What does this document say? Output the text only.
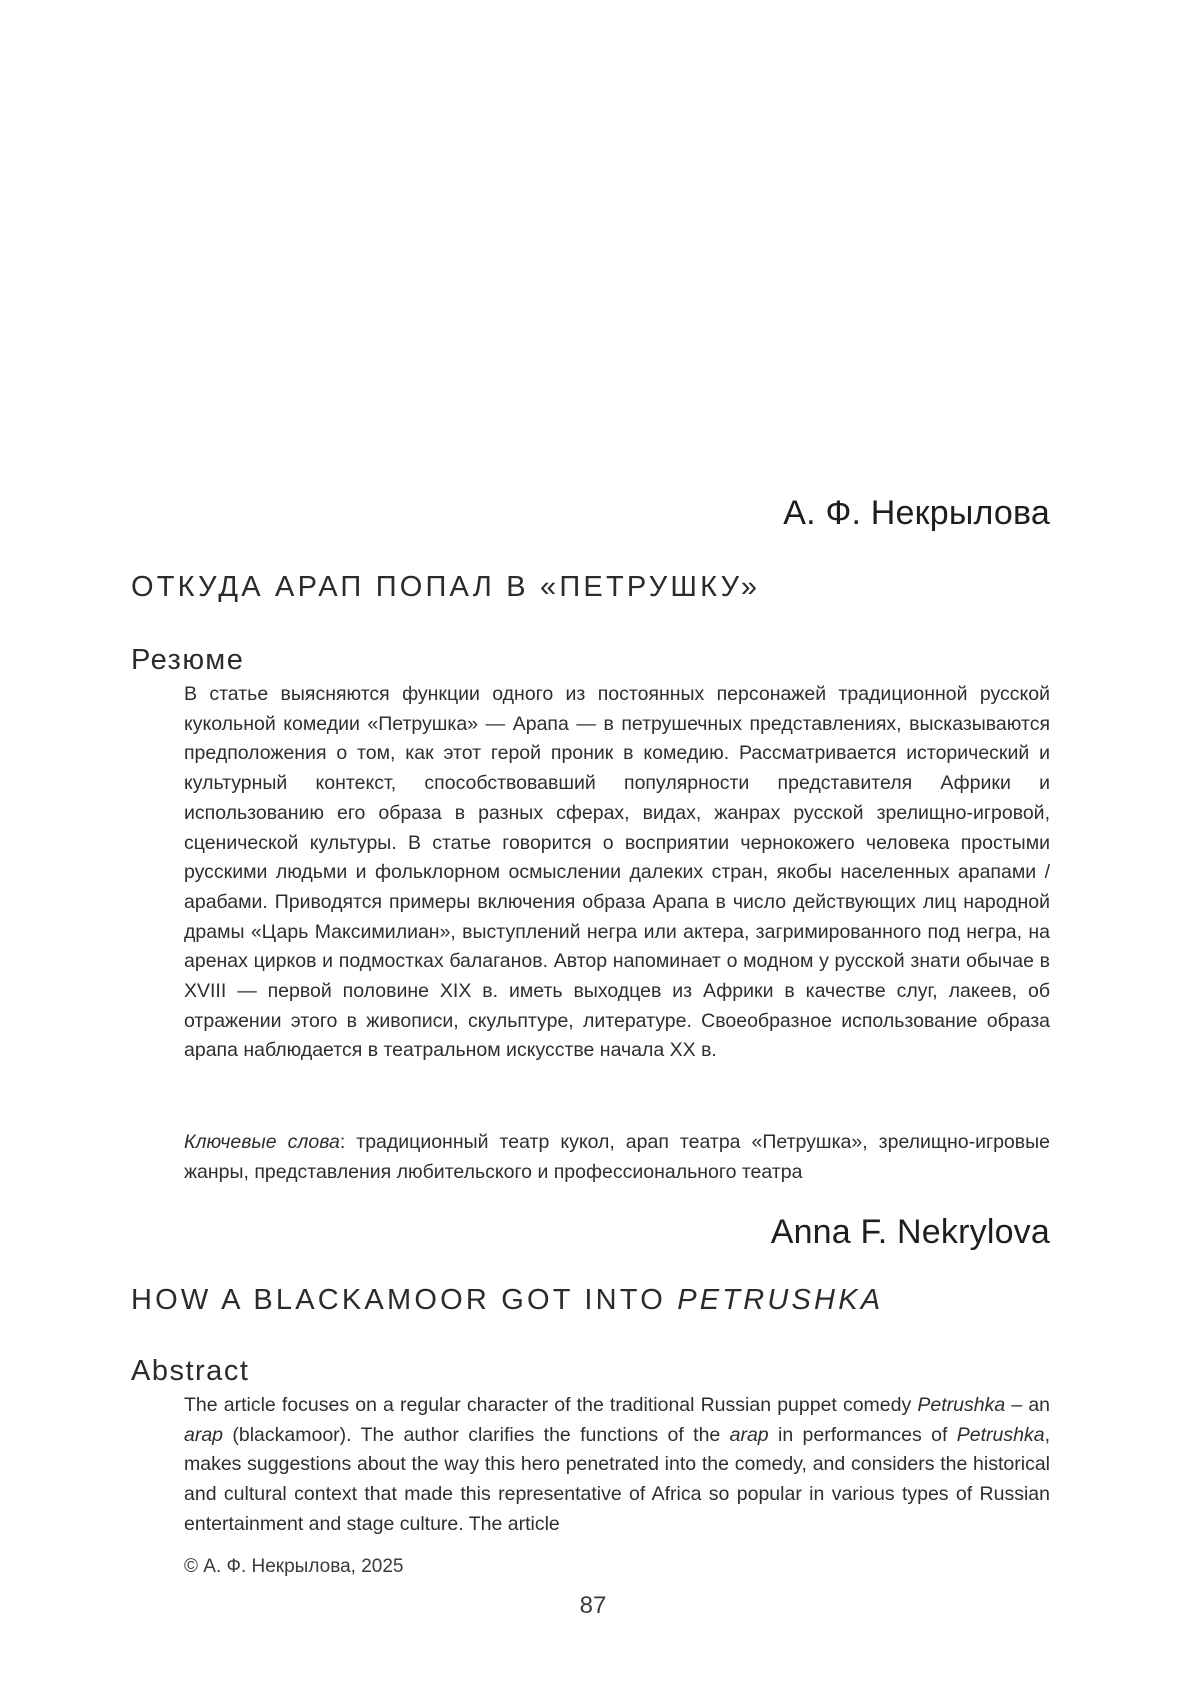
А. Ф. Некрылова
ОТКУДА АРАП ПОПАЛ В «ПЕТРУШКУ»
Резюме

В статье выясняются функции одного из постоянных персонажей традиционной русской кукольной комедии «Петрушка» — Арапа — в петрушечных представлениях, высказываются предположения о том, как этот герой проник в комедию. Рассматривается исторический и культурный контекст, способствовавший популярности представителя Африки и использованию его образа в разных сферах, видах, жанрах русской зрелищно-игровой, сценической культуры. В статье говорится о восприятии чернокожего человека простыми русскими людьми и фольклорном осмыслении далеких стран, якобы населенных арапами / арабами. Приводятся примеры включения образа Арапа в число действующих лиц народной драмы «Царь Максимилиан», выступлений негра или актера, загримированного под негра, на аренах цирков и подмостках балаганов. Автор напоминает о модном у русской знати обычае в XVIII — первой половине XIX в. иметь выходцев из Африки в качестве слуг, лакеев, об отражении этого в живописи, скульптуре, литературе. Своеобразное использование образа арапа наблюдается в театральном искусстве начала XX в.

Ключевые слова: традиционный театр кукол, арап театра «Петрушка», зрелищно-игровые жанры, представления любительского и профессионального театра
Anna F. Nekrylova
HOW A BLACKAMOOR GOT INTO PETRUSHKA
Abstract

The article focuses on a regular character of the traditional Russian puppet comedy Petrushka – an arap (blackamoor). The author clarifies the functions of the arap in performances of Petrushka, makes suggestions about the way this hero penetrated into the comedy, and considers the historical and cultural context that made this representative of Africa so popular in various types of Russian entertainment and stage culture. The article

© А. Ф. Некрылова, 2025

87
